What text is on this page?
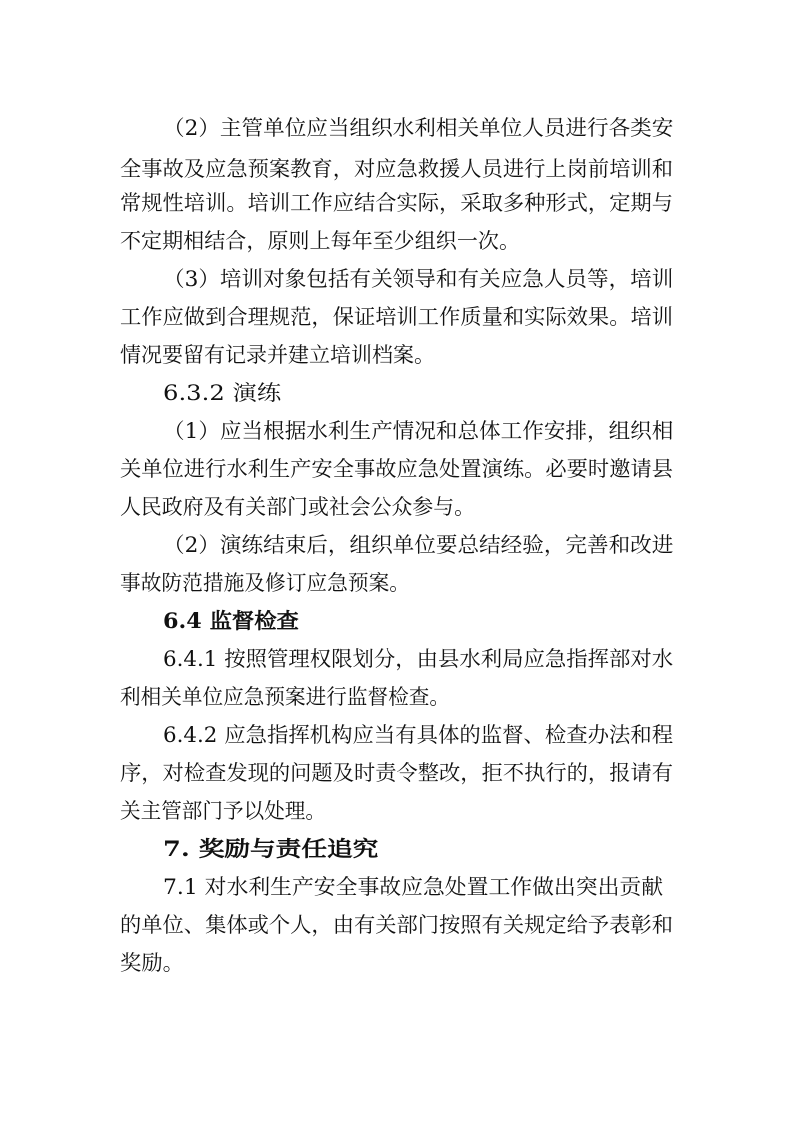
（2）主管单位应当组织水利相关单位人员进行各类安
全事故及应急预案教育，对应急救援人员进行上岗前培训和
常规性培训。培训工作应结合实际，采取多种形式，定期与
不定期相结合，原则上每年至少组织一次。
（3）培训对象包括有关领导和有关应急人员等，培训
工作应做到合理规范，保证培训工作质量和实际效果。培训
情况要留有记录并建立培训档案。
6.3.2 演练
（1）应当根据水利生产情况和总体工作安排，组织相
关单位进行水利生产安全事故应急处置演练。必要时邀请县
人民政府及有关部门或社会公众参与。
（2）演练结束后，组织单位要总结经验，完善和改进
事故防范措施及修订应急预案。
6.4 监督检查
6.4.1 按照管理权限划分，由县水利局应急指挥部对水
利相关单位应急预案进行监督检查。
6.4.2 应急指挥机构应当有具体的监督、检查办法和程
序，对检查发现的问题及时责令整改，拒不执行的，报请有
关主管部门予以处理。
7. 奖励与责任追究
7.1 对水利生产安全事故应急处置工作做出突出贡献
的单位、集体或个人，由有关部门按照有关规定给予表彰和
奖励。
